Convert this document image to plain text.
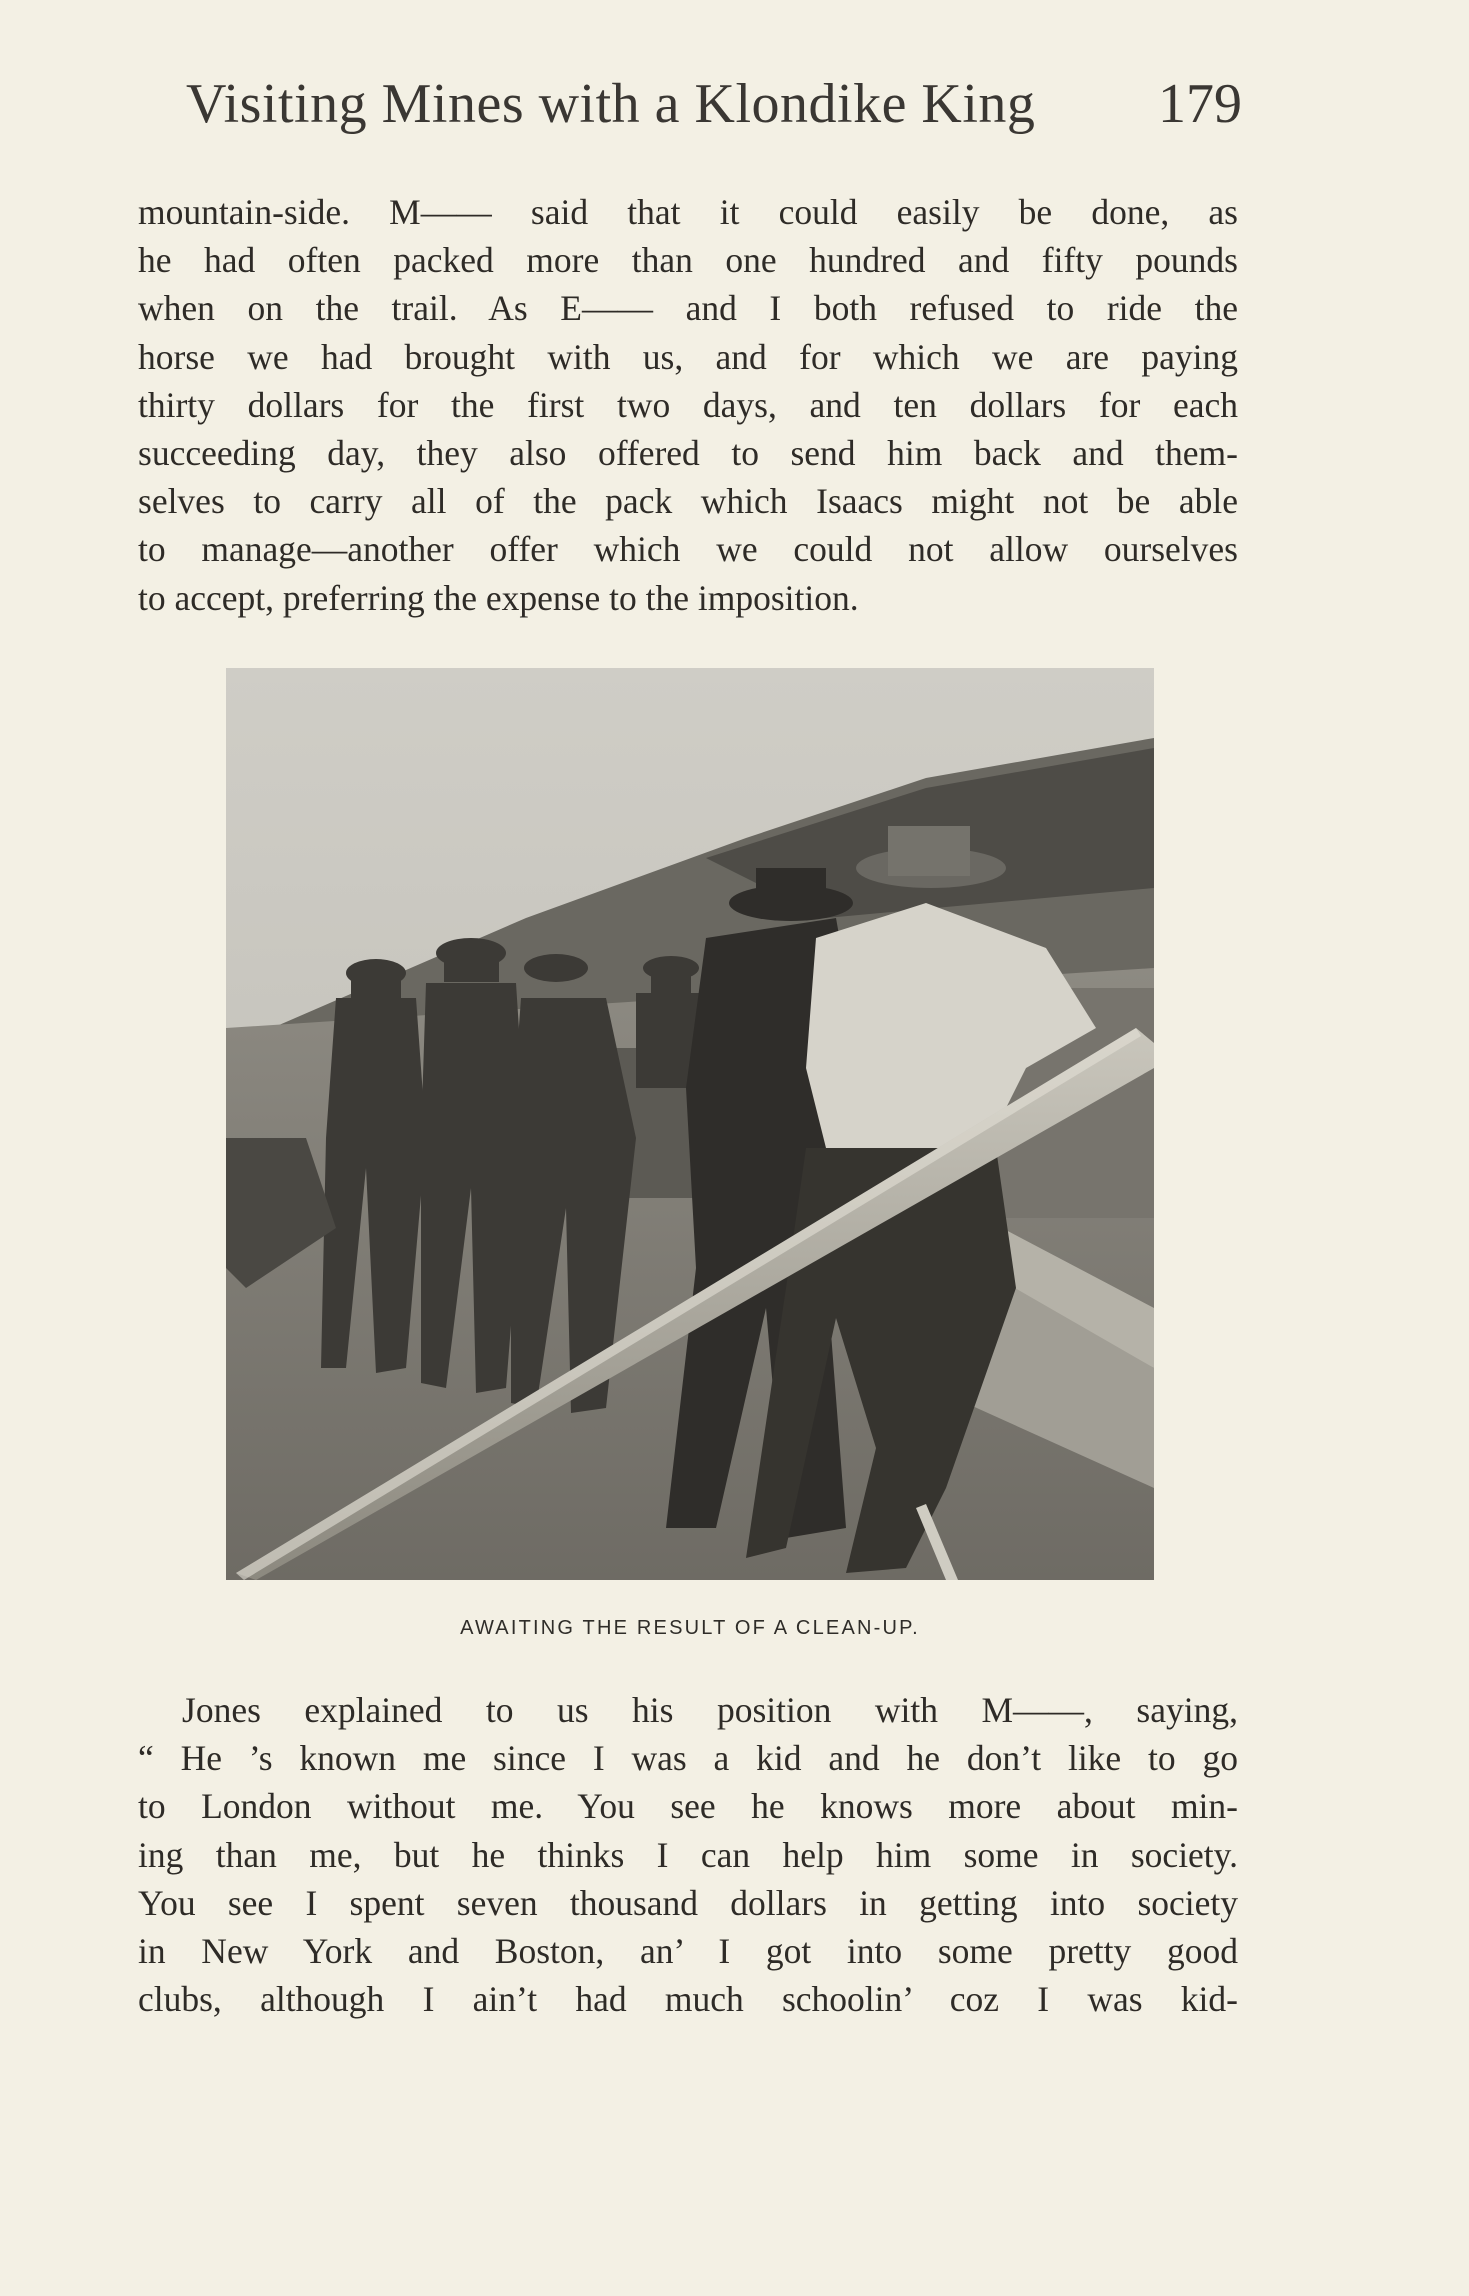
Visiting Mines with a Klondike King 179
mountain-side. M—— said that it could easily be done, as
he had often packed more than one hundred and fifty pounds
when on the trail. As E—— and I both refused to ride the
horse we had brought with us, and for which we are paying
thirty dollars for the first two days, and ten dollars for each
succeeding day, they also offered to send him back and them-
selves to carry all of the pack which Isaacs might not be able
to manage—another offer which we could not allow ourselves
to accept, preferring the expense to the imposition.
AWAITING THE RESULT OF A CLEAN-UP.
Jones explained to us his position with M——, saying,
“ He ’s known me since I was a kid and he don’t like to go
to London without me. You see he knows more about min-
ing than me, but he thinks I can help him some in society.
You see I spent seven thousand dollars in getting into society
in New York and Boston, an’ I got into some pretty good
clubs, although I ain’t had much schoolin’ coz I was kid-
